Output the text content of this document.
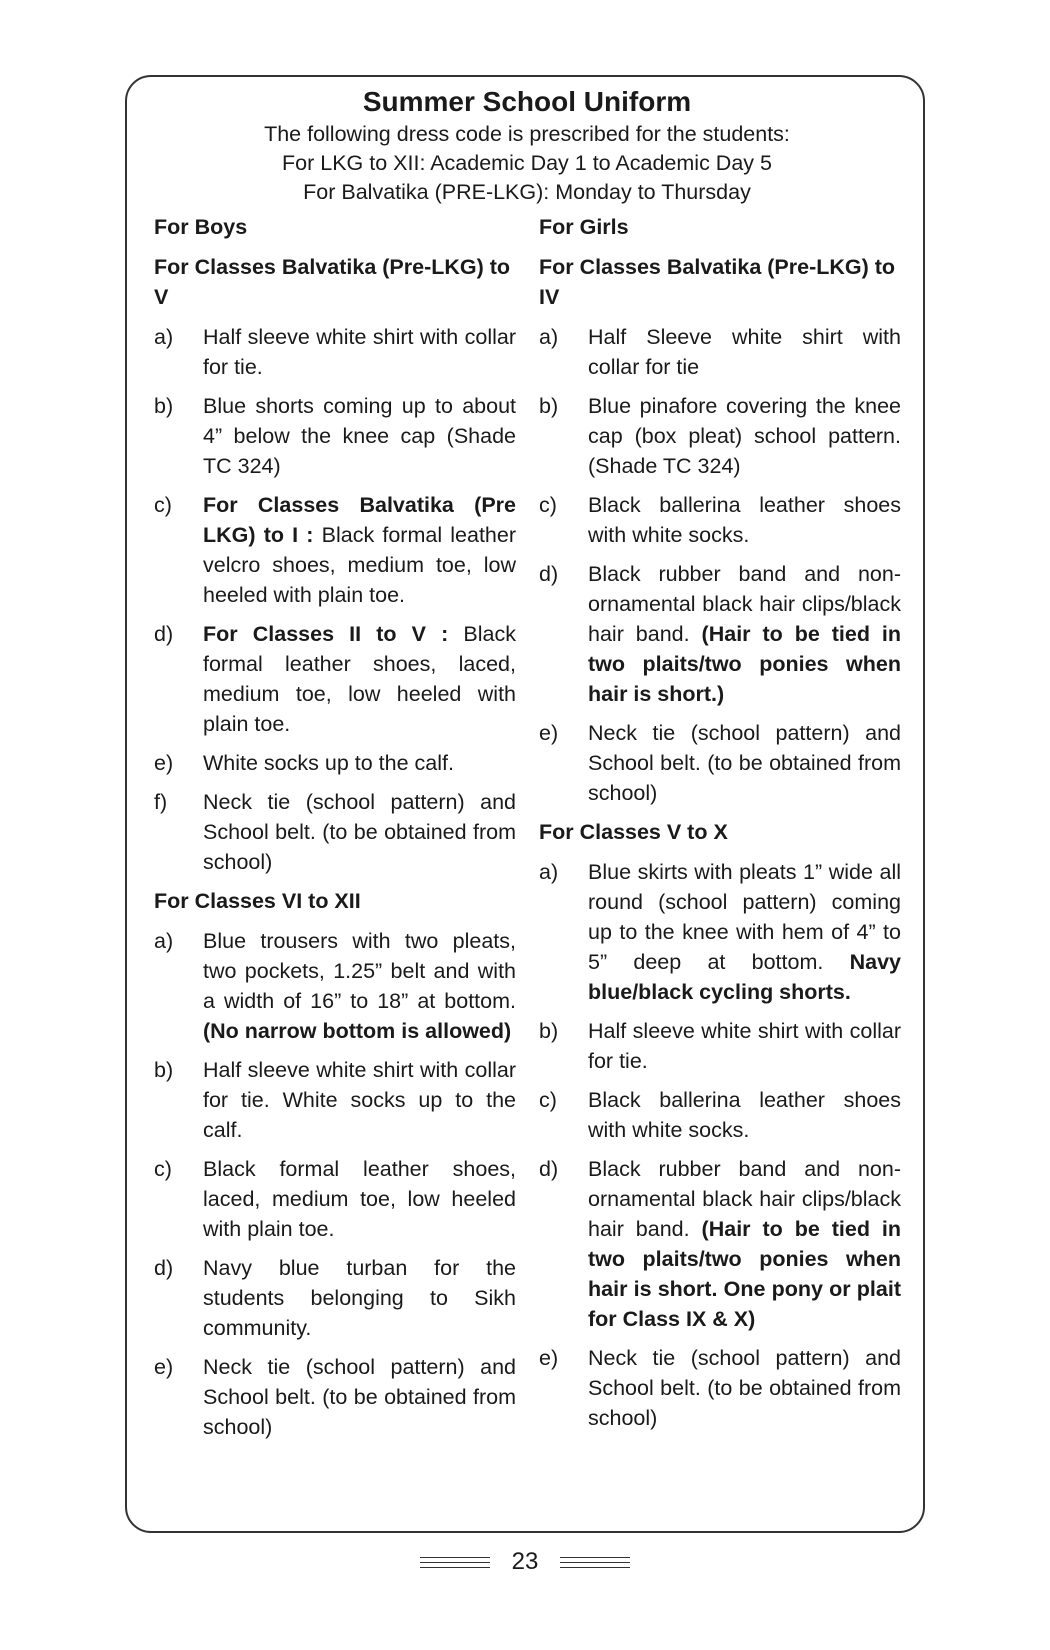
Summer School Uniform
The following dress code is prescribed for the students:
For LKG to XII: Academic Day 1 to Academic Day 5
For Balvatika (PRE-LKG): Monday to Thursday
For Boys
For Classes Balvatika (Pre-LKG) to V
a) Half sleeve white shirt with collar for tie.
b) Blue shorts coming up to about 4” below the knee cap (Shade TC 324)
c) For Classes Balvatika (Pre LKG) to I : Black formal leather velcro shoes, medium toe, low heeled with plain toe.
d) For Classes II to V : Black formal leather shoes, laced, medium toe, low heeled with plain toe.
e) White socks up to the calf.
f) Neck tie (school pattern) and School belt. (to be obtained from school)
For Classes VI to XII
a) Blue trousers with two pleats, two pockets, 1.25” belt and with a width of 16” to 18” at bottom. (No narrow bottom is allowed)
b) Half sleeve white shirt with collar for tie. White socks up to the calf.
c) Black formal leather shoes, laced, medium toe, low heeled with plain toe.
d) Navy blue turban for the students belonging to Sikh community.
e) Neck tie (school pattern) and School belt. (to be obtained from school)
For Girls
For Classes Balvatika (Pre-LKG) to IV
a) Half Sleeve white shirt with collar for tie
b) Blue pinafore covering the knee cap (box pleat) school pattern. (Shade TC 324)
c) Black ballerina leather shoes with white socks.
d) Black rubber band and non-ornamental black hair clips/black hair band. (Hair to be tied in two plaits/two ponies when hair is short.)
e) Neck tie (school pattern) and School belt. (to be obtained from school)
For Classes V to X
a) Blue skirts with pleats 1” wide all round (school pattern) coming up to the knee with hem of 4” to 5” deep at bottom. Navy blue/black cycling shorts.
b) Half sleeve white shirt with collar for tie.
c) Black ballerina leather shoes with white socks.
d) Black rubber band and non-ornamental black hair clips/black hair band. (Hair to be tied in two plaits/two ponies when hair is short. One pony or plait for Class IX & X)
e) Neck tie (school pattern) and School belt. (to be obtained from school)
23
